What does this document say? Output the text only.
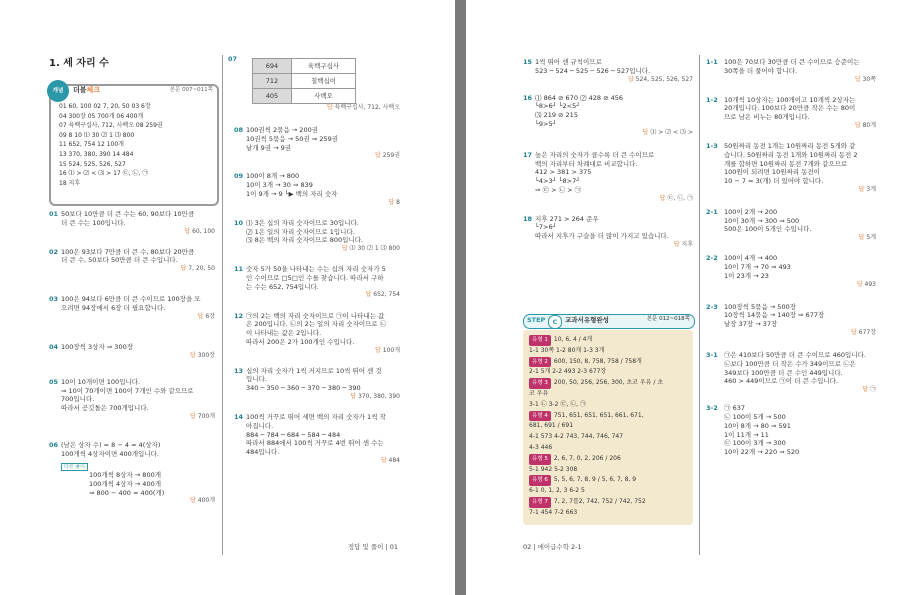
1. 세 자리 수
개념	더블체크	본문 007~011쪽
01 60, 100 02 7, 20, 50 03 6장
04 300장 05 700개 06 400개
07 육백구십사, 712, 사백오 08 259권
09 8 10 ⑴ 30 ⑵ 1 ⑶ 800
11 652, 754 12 100개
13 370, 380, 390 14 484
15 524, 525, 526, 527
16 ⑴ > ⑵ < ⑶ > 17 ㉢, ㉡, ㉠
18 지후
01 50보다 10만큼 더 큰 수는 60, 90보다 10만큼
더 큰 수는 100입니다.
답 60, 100
02 100은 93보다 7만큼 더 큰 수, 80보다 20만큼
더 큰 수, 50보다 50만큼 더 큰 수입니다.
답 7, 20, 50
03 100은 94보다 6만큼 더 큰 수이므로 100장을 모
으려면 94장에서 6장 더 필요합니다.
답 6장
04 100장씩 3상자 ⇒ 300장
답 300장
05 10이 10개이면 100입니다.
⇒ 10이 70개이면 100이 7개인 수와 같으므로
700입니다.
따라서 공깃돌은 700개입니다.
답 700개
06 (남은 상자 수) = 8 − 4 = 4(상자)
100개씩 4상자이면 400개입니다.
다른 풀이
100개씩 8상자 → 800개
100개씩 4상자 → 400개
⇒ 800 − 400 = 400(개)
답 400개
07
694	육백구십사
712	칠백십이
405	사백오
답 육백구십사, 712, 사백오
08 100권씩 2묶음 → 200권
10권씩 5묶음 → 50권 ⇒ 259권
낱개 9권 → 9권
답 259권
09 100이 8개 → 800
10이 3개 → 30 ⇒ 839
1이 9개 → 9 └▶ 백의 자리 숫자
답 8
10 ⑴ 3은 십의 자리 숫자이므로 30입니다.
⑵ 1은 일의 자리 숫자이므로 1입니다.
⑶ 8은 백의 자리 숫자이므로 800입니다.
답 ⑴ 30 ⑵ 1 ⑶ 800
11 숫자 5가 50을 나타내는 수는 십의 자리 숫자가 5
인 수이므로 □5□인 수를 찾습니다. 따라서 구하
는 수는 652, 754입니다.
답 652, 754
12 ㉠의 2는 백의 자리 숫자이므로 ㉠이 나타내는 값
은 200입니다. ㉡의 2는 일의 자리 숫자이므로 ㉡
이 나타내는 값은 2입니다.
따라서 200은 2가 100개인 수입니다.
답 100개
13 십의 자리 숫자가 1씩 커지므로 10씩 뛰어 센 것
입니다.
340 ─ 350 ─ 360 ─ 370 ─ 380 ─ 390
답 370, 380, 390
14 100씩 거꾸로 뛰어 세면 백의 자리 숫자가 1씩 작
아집니다.
884 ─ 784 ─ 684 ─ 584 ─ 484
따라서 884에서 100씩 거꾸로 4번 뛰어 센 수는
484입니다.
답 484
정답 및 풀이 | 01
15 1씩 뛰어 센 규칙이므로
523 ─ 524 ─ 525 ─ 526 ─ 527입니다.
답 524, 525, 526, 527
16 ⑴ 864 ⊘ 670 ⑵ 428 ⊘ 456
└8>6┘ └2<5┘
⑶ 219 ⊘ 215
└9>5┘
답 ⑴ > ⑵ < ⑶ >
17 높은 자리의 숫자가 클수록 더 큰 수이므로
백의 자리부터 차례대로 비교합니다.
412 > 381 > 375
└4>3┘ └8>7┘
⇒ ㉢ > ㉡ > ㉠
답 ㉢, ㉡, ㉠
18 지후 271 > 264 준우
└7>6┘
따라서 지후가 구슬을 더 많이 가지고 있습니다.
답 지후
STEP	C	교과서유형완성	본문 012~018쪽
유형 1 10, 6, 4 / 4개
1-1 30쪽 1-2 80개 1-3 3개
유형 2 600, 150, 8, 758, 758 / 758개
2-1 5개 2-2 493 2-3 677장
유형 3 200, 50, 256, 256, 300, 초코 우유 / 초
코 우유
3-1 ㉡ 3-2 ㉢, ㉡, ㉠
유형 4 751, 651, 651, 651, 661, 671,
681, 691 / 691
4-1 573 4-2 743, 744, 746, 747
4-3 446
유형 5 2, 6, 7, 0, 2, 206 / 206
5-1 942 5-2 308
유형 6 5, 5, 6, 7, 8, 9 / 5, 6, 7, 8, 9
6-1 0, 1, 2, 3 6-2 5
유형 7 7, 2, 7를2, 742, 752 / 742, 752
7-1 454 7-2 663
1-1 100은 70보다 30만큼 더 큰 수이므로 승준이는
30쪽을 더 풀어야 합니다.
답 30쪽
1-2 10개씩 10상자는 100개이고 10개씩 2상자는
20개입니다. 100보다 20만큼 작은 수는 80이
므로 남은 비누는 80개입니다.
답 80개
1-3 50원짜리 동전 1개는 10원짜리 동전 5개와 같
습니다. 50원짜리 동전 1개와 10원짜리 동전 2
개를 합하면 10원짜리 동전 7개와 같으므로
100원이 되려면 10원짜리 동전이
10 − 7 = 3(개) 더 있어야 합니다.
답 3개
2-1 100이 2개 → 200
10이 30개 → 300 ⇒ 500
500은 100이 5개인 수입니다.
답 5개
2-2 100이 4개 → 400
10이 7개 → 70 ⇒ 493
1이 23개 → 23
답 493
2-3 100장씩 5묶음 → 500장
10장씩 14묶음 → 140장 ⇒ 677장
낱장 37장 → 37장
답 677장
3-1 ㉠은 410보다 50만큼 더 큰 수이므로 460입니다.
㉡보다 100만큼 더 작은 수가 349이므로 ㉡은
349보다 100만큼 더 큰 수인 449입니다.
460 > 449이므로 ㉠이 더 큰 수입니다.
답 ㉠
3-2 ㉠ 637
㉡ 100이 5개 → 500
10이 8개 → 80 ⇒ 591
1이 11개 → 11
㉢ 100이 3개 → 300
10이 22개 → 220 ⇒ 520
02 | 에이급수학 2-1
